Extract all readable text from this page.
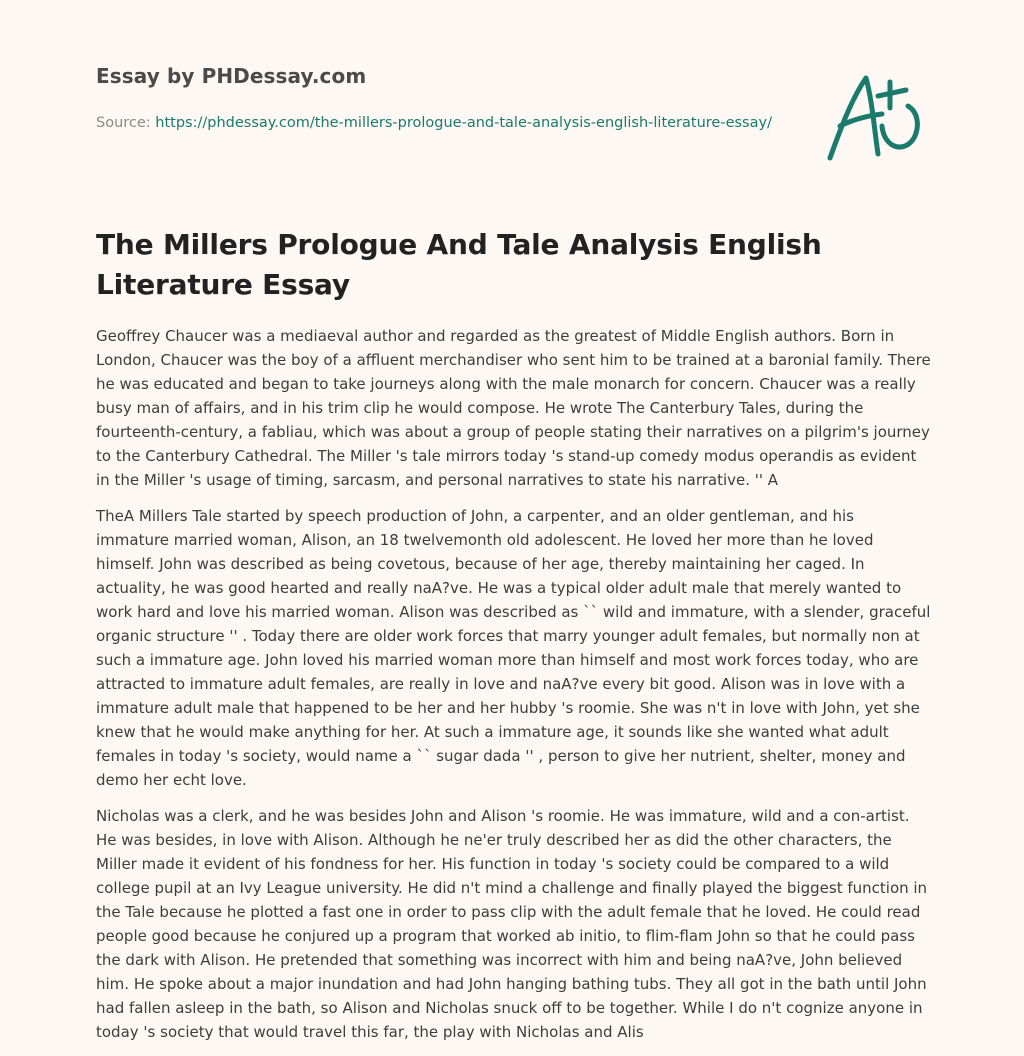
Essay by PHDessay.com
Source: https://phdessay.com/the-millers-prologue-and-tale-analysis-english-literature-essay/
The Millers Prologue And Tale Analysis English Literature Essay

Geoffrey Chaucer was a mediaeval author and regarded as the greatest of Middle English authors. Born in London, Chaucer was the boy of a affluent merchandiser who sent him to be trained at a baronial family. There he was educated and began to take journeys along with the male monarch for concern. Chaucer was a really busy man of affairs, and in his trim clip he would compose. He wrote The Canterbury Tales, during the fourteenth-century, a fabliau, which was about a group of people stating their narratives on a pilgrim's journey to the Canterbury Cathedral. The Miller 's tale mirrors today 's stand-up comedy modus operandis as evident in the Miller 's usage of timing, sarcasm, and personal narratives to state his narrative. '' A

TheA Millers Tale started by speech production of John, a carpenter, and an older gentleman, and his immature married woman, Alison, an 18 twelvemonth old adolescent. He loved her more than he loved himself. John was described as being covetous, because of her age, thereby maintaining her caged. In actuality, he was good hearted and really naA?ve. He was a typical older adult male that merely wanted to work hard and love his married woman. Alison was described as `` wild and immature, with a slender, graceful organic structure '' . Today there are older work forces that marry younger adult females, but normally non at such a immature age. John loved his married woman more than himself and most work forces today, who are attracted to immature adult females, are really in love and naA?ve every bit good. Alison was in love with a immature adult male that happened to be her and her hubby 's roomie. She was n't in love with John, yet she knew that he would make anything for her. At such a immature age, it sounds like she wanted what adult females in today 's society, would name a `` sugar dada '' , person to give her nutrient, shelter, money and demo her echt love.

Nicholas was a clerk, and he was besides John and Alison 's roomie. He was immature, wild and a con-artist. He was besides, in love with Alison. Although he ne'er truly described her as did the other characters, the Miller made it evident of his fondness for her. His function in today 's society could be compared to a wild college pupil at an Ivy League university. He did n't mind a challenge and finally played the biggest function in the Tale because he plotted a fast one in order to pass clip with the adult female that he loved. He could read people good because he conjured up a program that worked ab initio, to flim-flam John so that he could pass the dark with Alison. He pretended that something was incorrect with him and being naA?ve, John believed him. He spoke about a major inundation and had John hanging bathing tubs. They all got in the bath until John had fallen asleep in the bath, so Alison and Nicholas snuck off to be together. While I do n't cognize anyone in today 's society that would travel this far, the play with Nicholas and Alis
